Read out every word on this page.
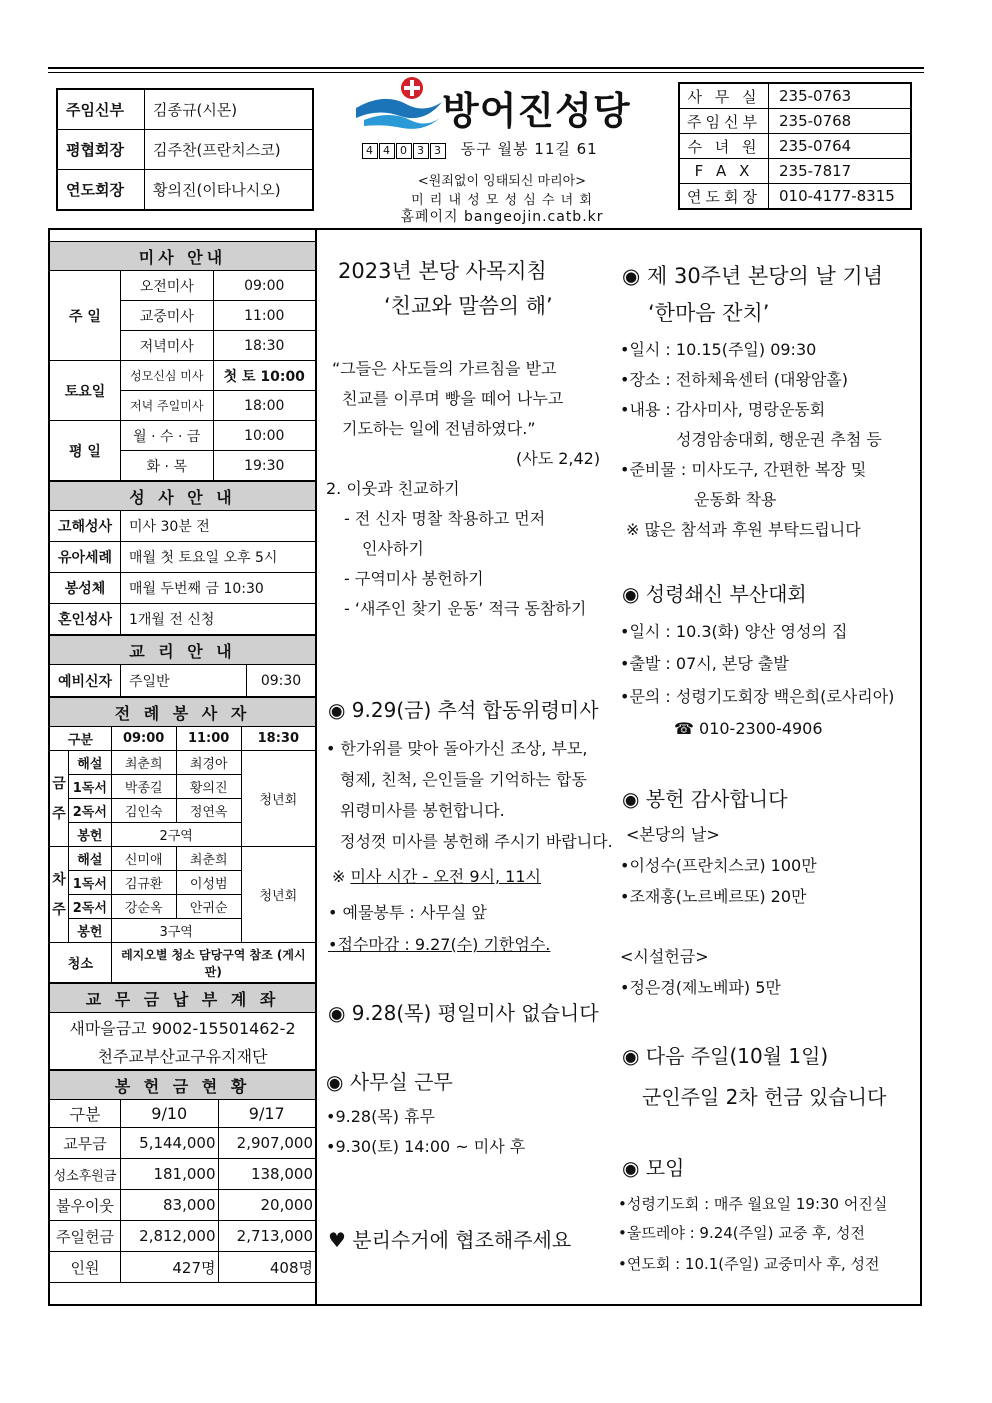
주임신부	김종규(시몬)
평협회장	김주찬(프란치스코)
연도회장	황의진(이타나시오)
방어진성당
4 4 0 3 3 동구 월봉 11길 61
<원죄없이 잉태되신 마리아>
미 리 내 성 모 성 심 수 녀 회
홈페이지 bangeojin.catb.kr
사 무 실	235-0763
주임신부	235-0768
수 녀 원	235-0764
F A X	235-7817
연도회장	010-4177-8315
미사 안내		
주 일	오전미사	09:00
	교중미사	11:00
	저녁미사	18:30
토요일	성모신심 미사	첫 토 10:00
	저녁 주일미사	18:00
평 일	월 · 수 · 금	10:00
	화 · 목	19:30
성 사 안 내	
고해성사	미사 30분 전
유아세례	매월 첫 토요일 오후 5시
봉성체	매월 두번째 금 10:30
혼인성사	1개월 전 신청
교 리 안 내
예비신자	주일반	09:30
전 례 봉 사 자				
구분		09:00	11:00	18:30
금 주	해설	최춘희	최경아	청년회
	1독서	박종길	황의진	
	2독서	김인숙	정연옥	
	봉헌	2구역		
차 주	해설	신미애	최춘희	청년회
	1독서	김규환	이성범	
	2독서	강순옥	안귀순	
	봉헌	3구역		
청소		레지오별 청소 담당구역 참조 (게시판)		
교 무 금 납 부 계 좌
새마을금고 9002-15501462-2
천주교부산교구유지재단
봉 헌 금 현 황		
구분	9/10	9/17
교무금	5,144,000	2,907,000
성소후원금	181,000	138,000
불우이웃	83,000	20,000
주일헌금	2,812,000	2,713,000
인원	427명	408명
2023년 본당 사목지침
‘친교와 말씀의 해’
“그들은 사도들의 가르침을 받고
친교를 이루며 빵을 떼어 나누고
기도하는 일에 전념하였다.”
(사도 2,42)
2. 이웃과 친교하기
- 전 신자 명찰 착용하고 먼저
인사하기
- 구역미사 봉헌하기
- ‘새주인 찾기 운동’ 적극 동참하기
◉ 9.29(금) 추석 합동위령미사
• 한가위를 맞아 돌아가신 조상, 부모,
형제, 친척, 은인들을 기억하는 합동
위령미사를 봉헌합니다.
정성껏 미사를 봉헌해 주시기 바랍니다.
※ 미사 시간 - 오전 9시, 11시
• 예물봉투 : 사무실 앞
•접수마감 : 9.27(수) 기한엄수.
◉ 9.28(목) 평일미사 없습니다
◉ 사무실 근무
•9.28(목) 휴무
•9.30(토) 14:00 ~ 미사 후
♥ 분리수거에 협조해주세요
◉ 제 30주년 본당의 날 기념
‘한마음 잔치’
•일시 : 10.15(주일) 09:30
•장소 : 전하체육센터 (대왕암홀)
•내용 : 감사미사, 명랑운동회
성경암송대회, 행운권 추첨 등
•준비물 : 미사도구, 간편한 복장 및
운동화 착용
※ 많은 참석과 후원 부탁드립니다
◉ 성령쇄신 부산대회
•일시 : 10.3(화) 양산 영성의 집
•출발 : 07시, 본당 출발
•문의 : 성령기도회장 백은희(로사리아)
☎ 010-2300-4906
◉ 봉헌 감사합니다
<본당의 날>
•이성수(프란치스코) 100만
•조재홍(노르베르또) 20만
<시설헌금>
•정은경(제노베파) 5만
◉ 다음 주일(10월 1일)
군인주일 2차 헌금 있습니다
◉ 모임
•성령기도회 : 매주 월요일 19:30 어진실
•울뜨레야 : 9.24(주일) 교중 후, 성전
•연도회 : 10.1(주일) 교중미사 후, 성전
